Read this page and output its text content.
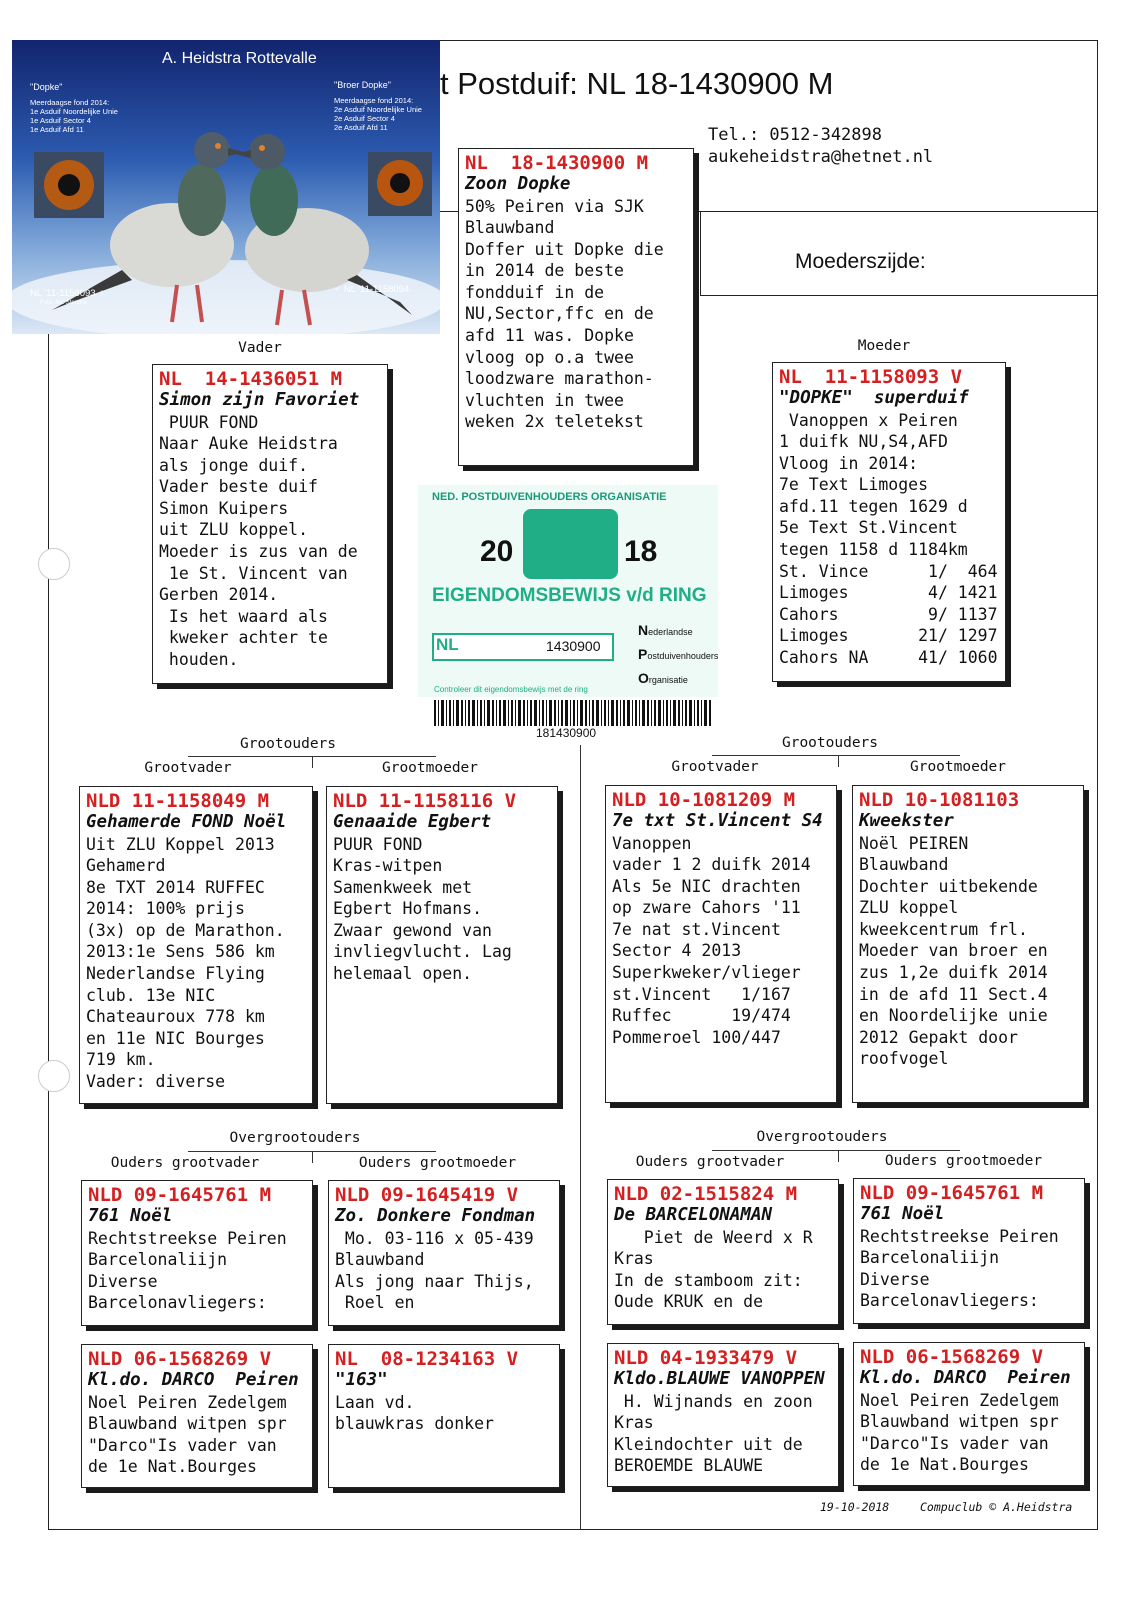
t Postduif: NL 18-1430900 M
Tel.: 0512-342898
aukeheidstra@hetnet.nl
Moederszijde:
A. Heidstra Rottevalle
"Dopke"
Meerdaagse fond 2014:
1e Asduif Noordelijke Unie
1e Asduif Sector 4
1e Asduif Afd 11
"Broer Dopke"
Meerdaagse fond 2014:
2e Asduif Noordelijke Unie
2e Asduif Sector 4
2e Asduif Afd 11
NL '11-1158093 ♀
Foto: Nic Stendra
♂ NL '11-1158094
NL  18-1430900 M
Zoon Dopke
50% Peiren via SJK
Blauwband
Doffer uit Dopke die
in 2014 de beste
fondduif in de
NU,Sector,ffc en de
afd 11 was. Dopke
vloog op o.a twee
loodzware marathon-
vluchten in twee
weken 2x teletekst
Vader
NL  14-1436051 M
Simon zijn Favoriet
PUUR FOND
Naar Auke Heidstra
als jonge duif.
Vader beste duif
Simon Kuipers
uit ZLU koppel.
Moeder is zus van de
1e St. Vincent van
Gerben 2014.
Is het waard als
kweker achter te
houden.
Moeder
NL  11-1158093 V
"DOPKE"  superduif
Vanoppen x Peiren
1 duifk NU,S4,AFD
Vloog in 2014:
7e Text Limoges
afd.11 tegen 1629 d
5e Text St.Vincent
tegen 1158 d 1184km
St. Vince      1/  464
Limoges        4/ 1421
Cahors         9/ 1137
Limoges       21/ 1297
Cahors NA     41/ 1060
NED. POSTDUIVENHOUDERS ORGANISATIE
20	18
EIGENDOMSBEWIJS v/d RING
NL	1430900
Nederlandse
Postduivenhouders
Organisatie
Controleer dit eigendomsbewijs met de ring
181430900
Grootouders
Grootvader	Grootmoeder
Grootouders
Grootvader	Grootmoeder
NLD 11-1158049 M
Gehamerde FOND Noël
Uit ZLU Koppel 2013
Gehamerd
8e TXT 2014 RUFFEC
2014: 100% prijs
(3x) op de Marathon.
2013:1e Sens 586 km
Nederlandse Flying
club. 13e NIC
Chateauroux 778 km
en 11e NIC Bourges
719 km.
Vader: diverse
NLD 11-1158116 V
Genaaide Egbert
PUUR FOND
Kras-witpen
Samenkweek met
Egbert Hofmans.
Zwaar gewond van
invliegvlucht. Lag
helemaal open.
NLD 10-1081209 M
7e txt St.Vincent S4
Vanoppen
vader 1 2 duifk 2014
Als 5e NIC drachten
op zware Cahors '11
7e nat st.Vincent
Sector 4 2013
Superkweker/vlieger
st.Vincent   1/167
Ruffec      19/474
Pommeroel 100/447
NLD 10-1081103
Kweekster
Noël PEIREN
Blauwband
Dochter uitbekende
ZLU koppel
kweekcentrum frl.
Moeder van broer en
zus 1,2e duifk 2014
in de afd 11 Sect.4
en Noordelijke unie
2012 Gepakt door
roofvogel
Overgrootouders
Ouders grootvader	Ouders grootmoeder
Overgrootouders
Ouders grootvader	Ouders grootmoeder
NLD 09-1645761 M
761 Noël
Rechtstreekse Peiren
Barcelonaliijn
Diverse
Barcelonavliegers:
NLD 09-1645419 V
Zo. Donkere Fondman
Mo. 03-116 x 05-439
Blauwband
Als jong naar Thijs,
Roel en
NLD 02-1515824 M
De BARCELONAMAN
Piet de Weerd x R
Kras
In de stamboom zit:
Oude KRUK en de
NLD 09-1645761 M
761 Noël
Rechtstreekse Peiren
Barcelonaliijn
Diverse
Barcelonavliegers:
NLD 06-1568269 V
Kl.do. DARCO  Peiren
Noel Peiren Zedelgem
Blauwband witpen spr
"Darco"Is vader van
de 1e Nat.Bourges
NL  08-1234163 V
"163"
Laan vd.
blauwkras donker
NLD 04-1933479 V
Kldo.BLAUWE VANOPPEN
H. Wijnands en zoon
Kras
Kleindochter uit de
BEROEMDE BLAUWE
NLD 06-1568269 V
Kl.do. DARCO  Peiren
Noel Peiren Zedelgem
Blauwband witpen spr
"Darco"Is vader van
de 1e Nat.Bourges
19-10-2018	Compuclub © A.Heidstra
